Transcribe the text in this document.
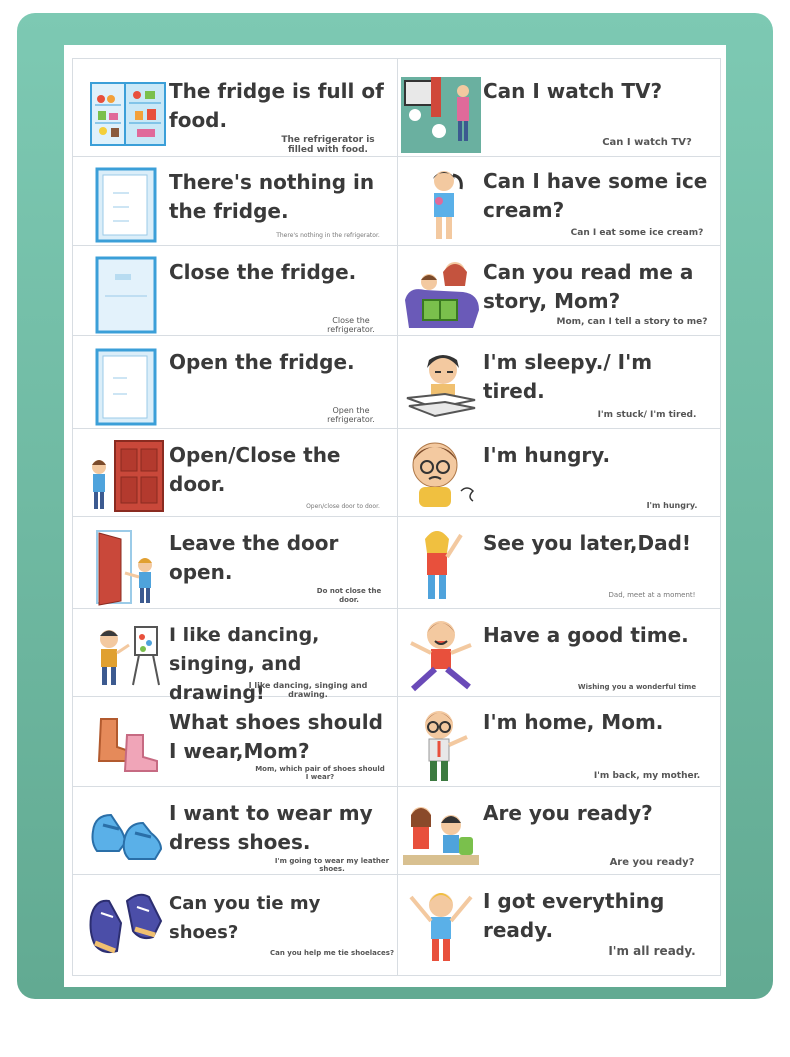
The fridge is full of food.
The refrigerator is filled with food.
There's nothing in the fridge.
There's nothing in the refrigerator.
Close the fridge.
Close the refrigerator.
Open the fridge.
Open the refrigerator.
Open/Close the door.
Open/close door to door.
Leave the door open.
Do not close the door.
I like dancing, singing, and drawing!
I like dancing, singing and drawing.
What shoes should I wear,Mom?
Mom, which pair of shoes should I wear?
I want to wear my dress shoes.
I'm going to wear my leather shoes.
Can you tie my shoes?
Can you help me tie shoelaces?
Can I watch TV?
Can I watch TV?
Can I have some ice cream?
Can I eat some ice cream?
Can you read me a story, Mom?
Mom, can I tell a story to me?
I'm sleepy./ I'm tired.
I'm stuck/ I'm tired.
I'm hungry.
I'm hungry.
See you later,Dad!
Dad, meet at a moment!
Have a good time.
Wishing you a wonderful time
I'm home, Mom.
I'm back, my mother.
Are you ready?
Are you ready?
I got everything ready.
I'm all ready.
